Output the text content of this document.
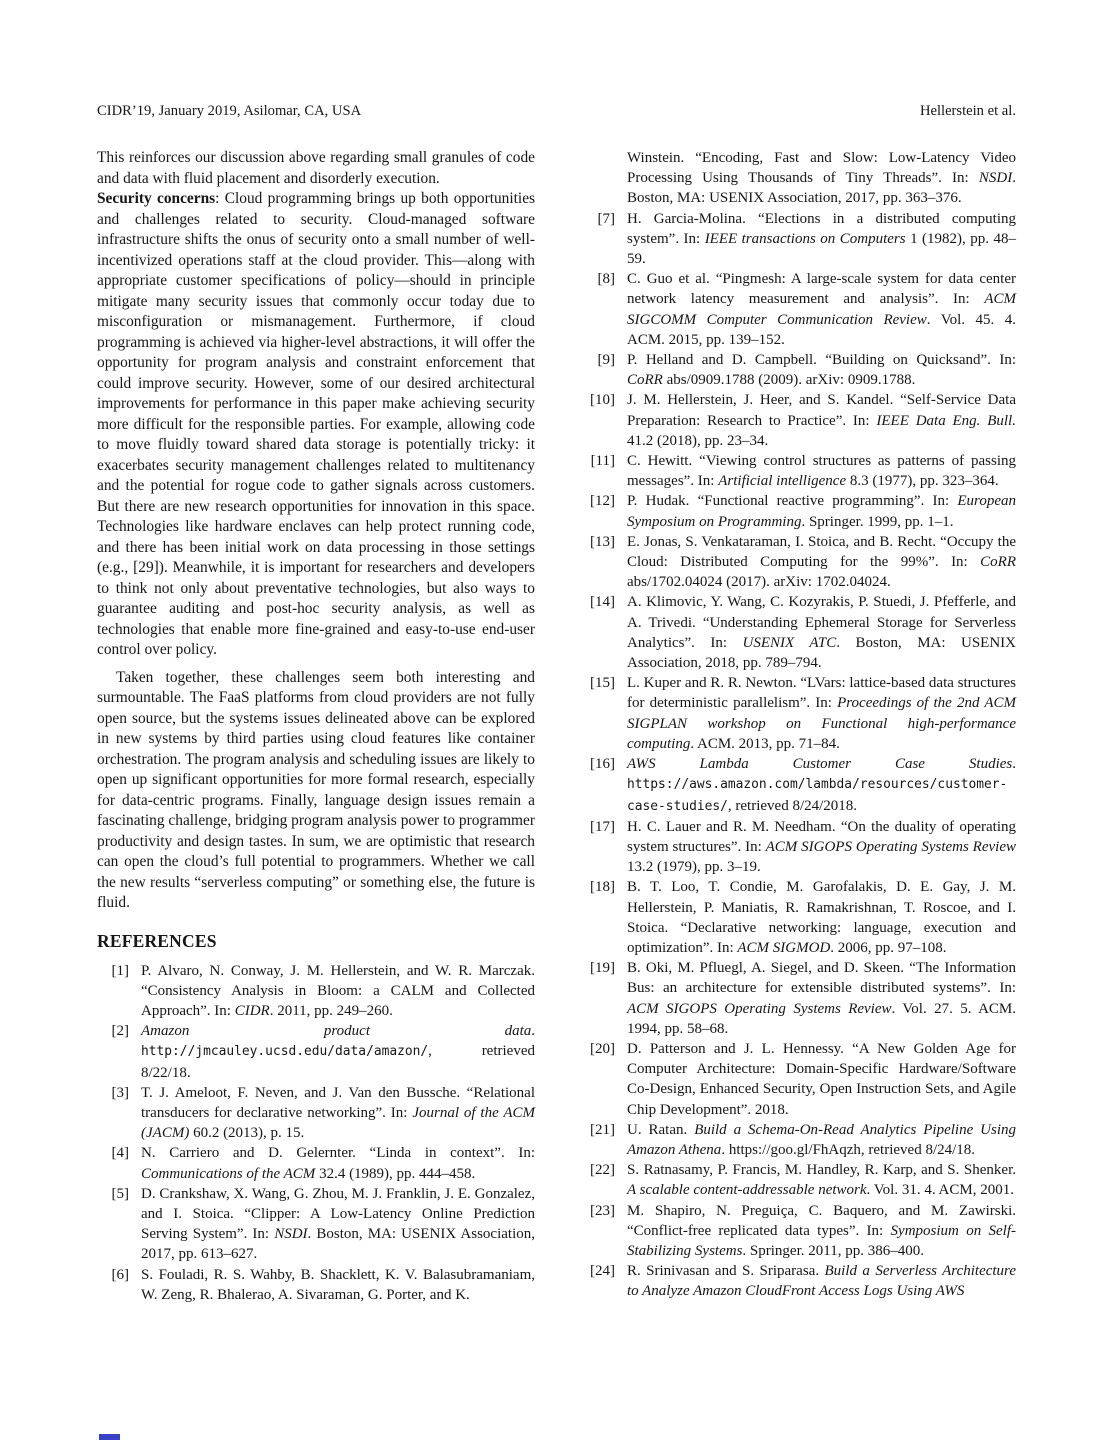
CIDR’19, January 2019, Asilomar, CA, USA	Hellerstein et al.

This reinforces our discussion above regarding small granules of code and data with fluid placement and disorderly execution.

Security concerns: Cloud programming brings up both opportunities and challenges related to security. Cloud-managed software infrastructure shifts the onus of security onto a small number of well-incentivized operations staff at the cloud provider. This—along with appropriate customer specifications of policy—should in principle mitigate many security issues that commonly occur today due to misconfiguration or mismanagement. Furthermore, if cloud programming is achieved via higher-level abstractions, it will offer the opportunity for program analysis and constraint enforcement that could improve security. However, some of our desired architectural improvements for performance in this paper make achieving security more difficult for the responsible parties. For example, allowing code to move fluidly toward shared data storage is potentially tricky: it exacerbates security management challenges related to multitenancy and the potential for rogue code to gather signals across customers. But there are new research opportunities for innovation in this space. Technologies like hardware enclaves can help protect running code, and there has been initial work on data processing in those settings (e.g., [29]). Meanwhile, it is important for researchers and developers to think not only about preventative technologies, but also ways to guarantee auditing and post-hoc security analysis, as well as technologies that enable more fine-grained and easy-to-use end-user control over policy.

Taken together, these challenges seem both interesting and surmountable. The FaaS platforms from cloud providers are not fully open source, but the systems issues delineated above can be explored in new systems by third parties using cloud features like container orchestration. The program analysis and scheduling issues are likely to open up significant opportunities for more formal research, especially for data-centric programs. Finally, language design issues remain a fascinating challenge, bridging program analysis power to programmer productivity and design tastes. In sum, we are optimistic that research can open the cloud’s full potential to programmers. Whether we call the new results “serverless computing” or something else, the future is fluid.

REFERENCES
[1] P. Alvaro, N. Conway, J. M. Hellerstein, and W. R. Marczak. “Consistency Analysis in Bloom: a CALM and Collected Approach”. In: CIDR. 2011, pp. 249–260.
[2] Amazon product data. http://jmcauley.ucsd.edu/data/amazon/, retrieved 8/22/18.
[3] T. J. Ameloot, F. Neven, and J. Van den Bussche. “Relational transducers for declarative networking”. In: Journal of the ACM (JACM) 60.2 (2013), p. 15.
[4] N. Carriero and D. Gelernter. “Linda in context”. In: Communications of the ACM 32.4 (1989), pp. 444–458.
[5] D. Crankshaw, X. Wang, G. Zhou, M. J. Franklin, J. E. Gonzalez, and I. Stoica. “Clipper: A Low-Latency Online Prediction Serving System”. In: NSDI. Boston, MA: USENIX Association, 2017, pp. 613–627.
[6] S. Fouladi, R. S. Wahby, B. Shacklett, K. V. Balasubramaniam, W. Zeng, R. Bhalerao, A. Sivaraman, G. Porter, and K.
Winstein. “Encoding, Fast and Slow: Low-Latency Video Processing Using Thousands of Tiny Threads”. In: NSDI. Boston, MA: USENIX Association, 2017, pp. 363–376.
[7] H. Garcia-Molina. “Elections in a distributed computing system”. In: IEEE transactions on Computers 1 (1982), pp. 48–59.
[8] C. Guo et al. “Pingmesh: A large-scale system for data center network latency measurement and analysis”. In: ACM SIGCOMM Computer Communication Review. Vol. 45. 4. ACM. 2015, pp. 139–152.
[9] P. Helland and D. Campbell. “Building on Quicksand”. In: CoRR abs/0909.1788 (2009). arXiv: 0909.1788.
[10] J. M. Hellerstein, J. Heer, and S. Kandel. “Self-Service Data Preparation: Research to Practice”. In: IEEE Data Eng. Bull. 41.2 (2018), pp. 23–34.
[11] C. Hewitt. “Viewing control structures as patterns of passing messages”. In: Artificial intelligence 8.3 (1977), pp. 323–364.
[12] P. Hudak. “Functional reactive programming”. In: European Symposium on Programming. Springer. 1999, pp. 1–1.
[13] E. Jonas, S. Venkataraman, I. Stoica, and B. Recht. “Occupy the Cloud: Distributed Computing for the 99%”. In: CoRR abs/1702.04024 (2017). arXiv: 1702.04024.
[14] A. Klimovic, Y. Wang, C. Kozyrakis, P. Stuedi, J. Pfefferle, and A. Trivedi. “Understanding Ephemeral Storage for Serverless Analytics”. In: USENIX ATC. Boston, MA: USENIX Association, 2018, pp. 789–794.
[15] L. Kuper and R. R. Newton. “LVars: lattice-based data structures for deterministic parallelism”. In: Proceedings of the 2nd ACM SIGPLAN workshop on Functional high-performance computing. ACM. 2013, pp. 71–84.
[16] AWS Lambda Customer Case Studies. https://aws.amazon.com/lambda/resources/customer-case-studies/, retrieved 8/24/2018.
[17] H. C. Lauer and R. M. Needham. “On the duality of operating system structures”. In: ACM SIGOPS Operating Systems Review 13.2 (1979), pp. 3–19.
[18] B. T. Loo, T. Condie, M. Garofalakis, D. E. Gay, J. M. Hellerstein, P. Maniatis, R. Ramakrishnan, T. Roscoe, and I. Stoica. “Declarative networking: language, execution and optimization”. In: ACM SIGMOD. 2006, pp. 97–108.
[19] B. Oki, M. Pfluegl, A. Siegel, and D. Skeen. “The Information Bus: an architecture for extensible distributed systems”. In: ACM SIGOPS Operating Systems Review. Vol. 27. 5. ACM. 1994, pp. 58–68.
[20] D. Patterson and J. L. Hennessy. “A New Golden Age for Computer Architecture: Domain-Specific Hardware/Software Co-Design, Enhanced Security, Open Instruction Sets, and Agile Chip Development”. 2018.
[21] U. Ratan. Build a Schema-On-Read Analytics Pipeline Using Amazon Athena. https://goo.gl/FhAqzh, retrieved 8/24/18.
[22] S. Ratnasamy, P. Francis, M. Handley, R. Karp, and S. Shenker. A scalable content-addressable network. Vol. 31. 4. ACM, 2001.
[23] M. Shapiro, N. Preguiça, C. Baquero, and M. Zawirski. “Conflict-free replicated data types”. In: Symposium on Self-Stabilizing Systems. Springer. 2011, pp. 386–400.
[24] R. Srinivasan and S. Sriparasa. Build a Serverless Architecture to Analyze Amazon CloudFront Access Logs Using AWS
